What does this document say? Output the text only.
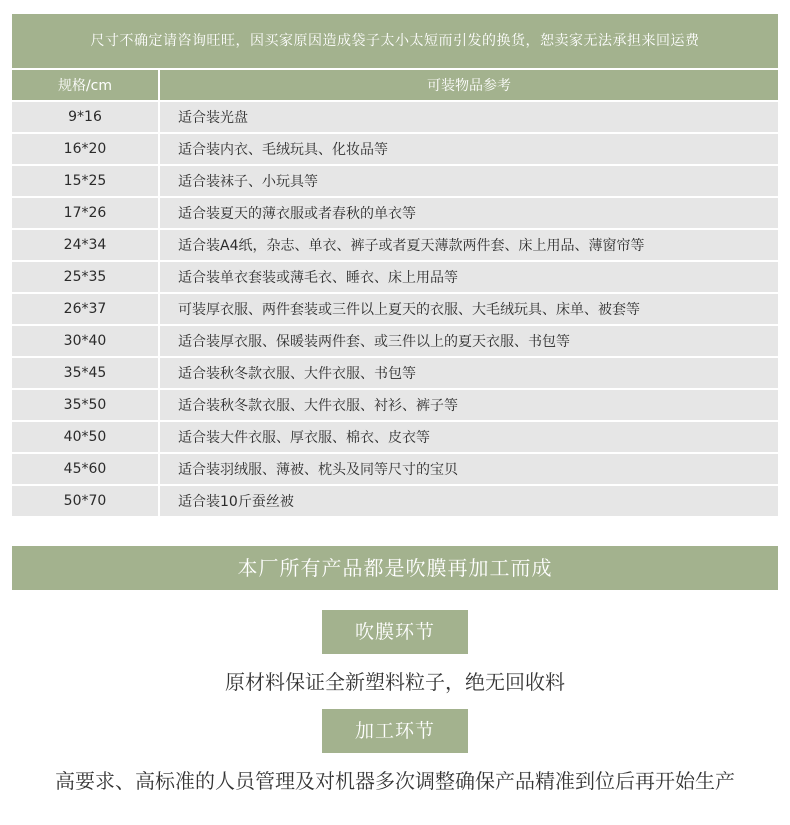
尺寸不确定请咨询旺旺，因买家原因造成袋子太小太短而引发的换货，恕卖家无法承担来回运费
规格/cm	可装物品参考
9*16	适合装光盘
16*20	适合装内衣、毛绒玩具、化妆品等
15*25	适合装袜子、小玩具等
17*26	适合装夏天的薄衣服或者春秋的单衣等
24*34	适合装A4纸，杂志、单衣、裤子或者夏天薄款两件套、床上用品、薄窗帘等
25*35	适合装单衣套装或薄毛衣、睡衣、床上用品等
26*37	可装厚衣服、两件套装或三件以上夏天的衣服、大毛绒玩具、床单、被套等
30*40	适合装厚衣服、保暖装两件套、或三件以上的夏天衣服、书包等
35*45	适合装秋冬款衣服、大件衣服、书包等
35*50	适合装秋冬款衣服、大件衣服、衬衫、裤子等
40*50	适合装大件衣服、厚衣服、棉衣、皮衣等
45*60	适合装羽绒服、薄被、枕头及同等尺寸的宝贝
50*70	适合装10斤蚕丝被
本厂所有产品都是吹膜再加工而成
吹膜环节
原材料保证全新塑料粒子，绝无回收料
加工环节
高要求、高标准的人员管理及对机器多次调整确保产品精准到位后再开始生产
